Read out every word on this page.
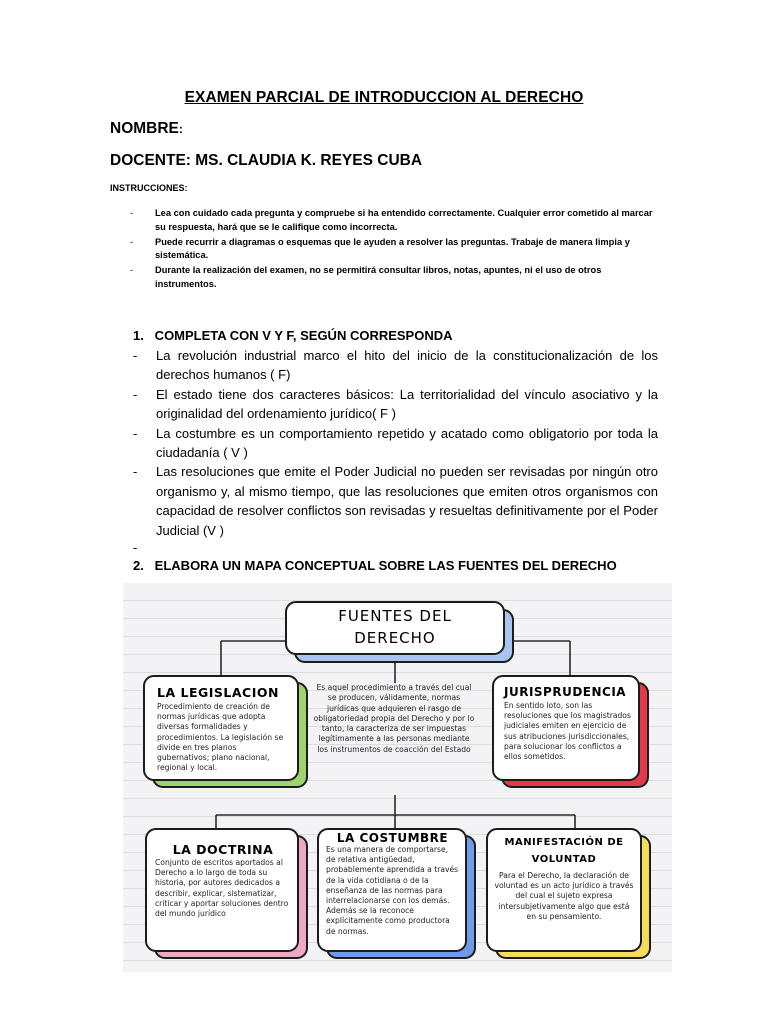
EXAMEN PARCIAL DE INTRODUCCION AL DERECHO
NOMBRE:
DOCENTE: MS. CLAUDIA K. REYES CUBA
INSTRUCCIONES:
- Lea con cuidado cada pregunta y compruebe si ha entendido correctamente. Cualquier error cometido al marcar su respuesta, hará que se le califique como incorrecta.
- Puede recurrir a diagramas o esquemas que le ayuden a resolver las preguntas. Trabaje de manera limpia y sistemática.
- Durante la realización del examen, no se permitirá consultar libros, notas, apuntes, ni el uso de otros instrumentos.
1.   COMPLETA CON V Y F, SEGÚN CORRESPONDA
- La revolución industrial marco el hito del inicio de la constitucionalización de los derechos humanos ( F)
- El estado tiene dos caracteres básicos: La territorialidad del vínculo asociativo y la originalidad del ordenamiento jurídico( F )
- La costumbre es un comportamiento repetido y acatado como obligatorio por toda la ciudadanía ( V )
- Las resoluciones que emite el Poder Judicial no pueden ser revisadas por ningún otro organismo y, al mismo tiempo, que las resoluciones que emiten otros organismos con capacidad de resolver conflictos son revisadas y resueltas definitivamente por el Poder Judicial (V )
-
2.   ELABORA UN MAPA CONCEPTUAL SOBRE LAS FUENTES DEL DERECHO
FUENTES DEL
DERECHO
LA LEGISLACION

Procedimiento de creación de normas jurídicas que adopta diversas formalidades y procedimientos. La legislación se divide en tres planos gubernativos; plano nacional, regional y local.

Es aquel procedimiento a través del cual se producen, válidamente, normas jurídicas que adquieren el rasgo de obligatoriedad propia del Derecho y por lo tanto, la caracteriza de ser impuestas legítimamente a las personas mediante los instrumentos de coacción del Estado
JURISPRUDENCIA

En sentido loto, son las resoluciones que los magistrados judiciales emiten en ejercicio de sus atribuciones jurisdiccionales, para solucionar los conflictos a ellos sometidos.

LA DOCTRINA

Conjunto de escritos aportados al Derecho a lo largo de toda su historia, por autores dedicados a describir, explicar, sistematizar, criticar y aportar soluciones dentro del mundo jurídico

LA COSTUMBRE

Es una manera de comportarse, de relativa antigüedad, probablemente aprendida a través de la vida cotidiana o de la enseñanza de las normas para interrelacionarse con los demás. Además se la reconoce explícitamente como productora de normas.

MANIFESTACIÓN DE
VOLUNTAD

Para el Derecho, la declaración de voluntad es un acto jurídico a través del cual el sujeto expresa intersubjetivamente algo que está en su pensamiento.
